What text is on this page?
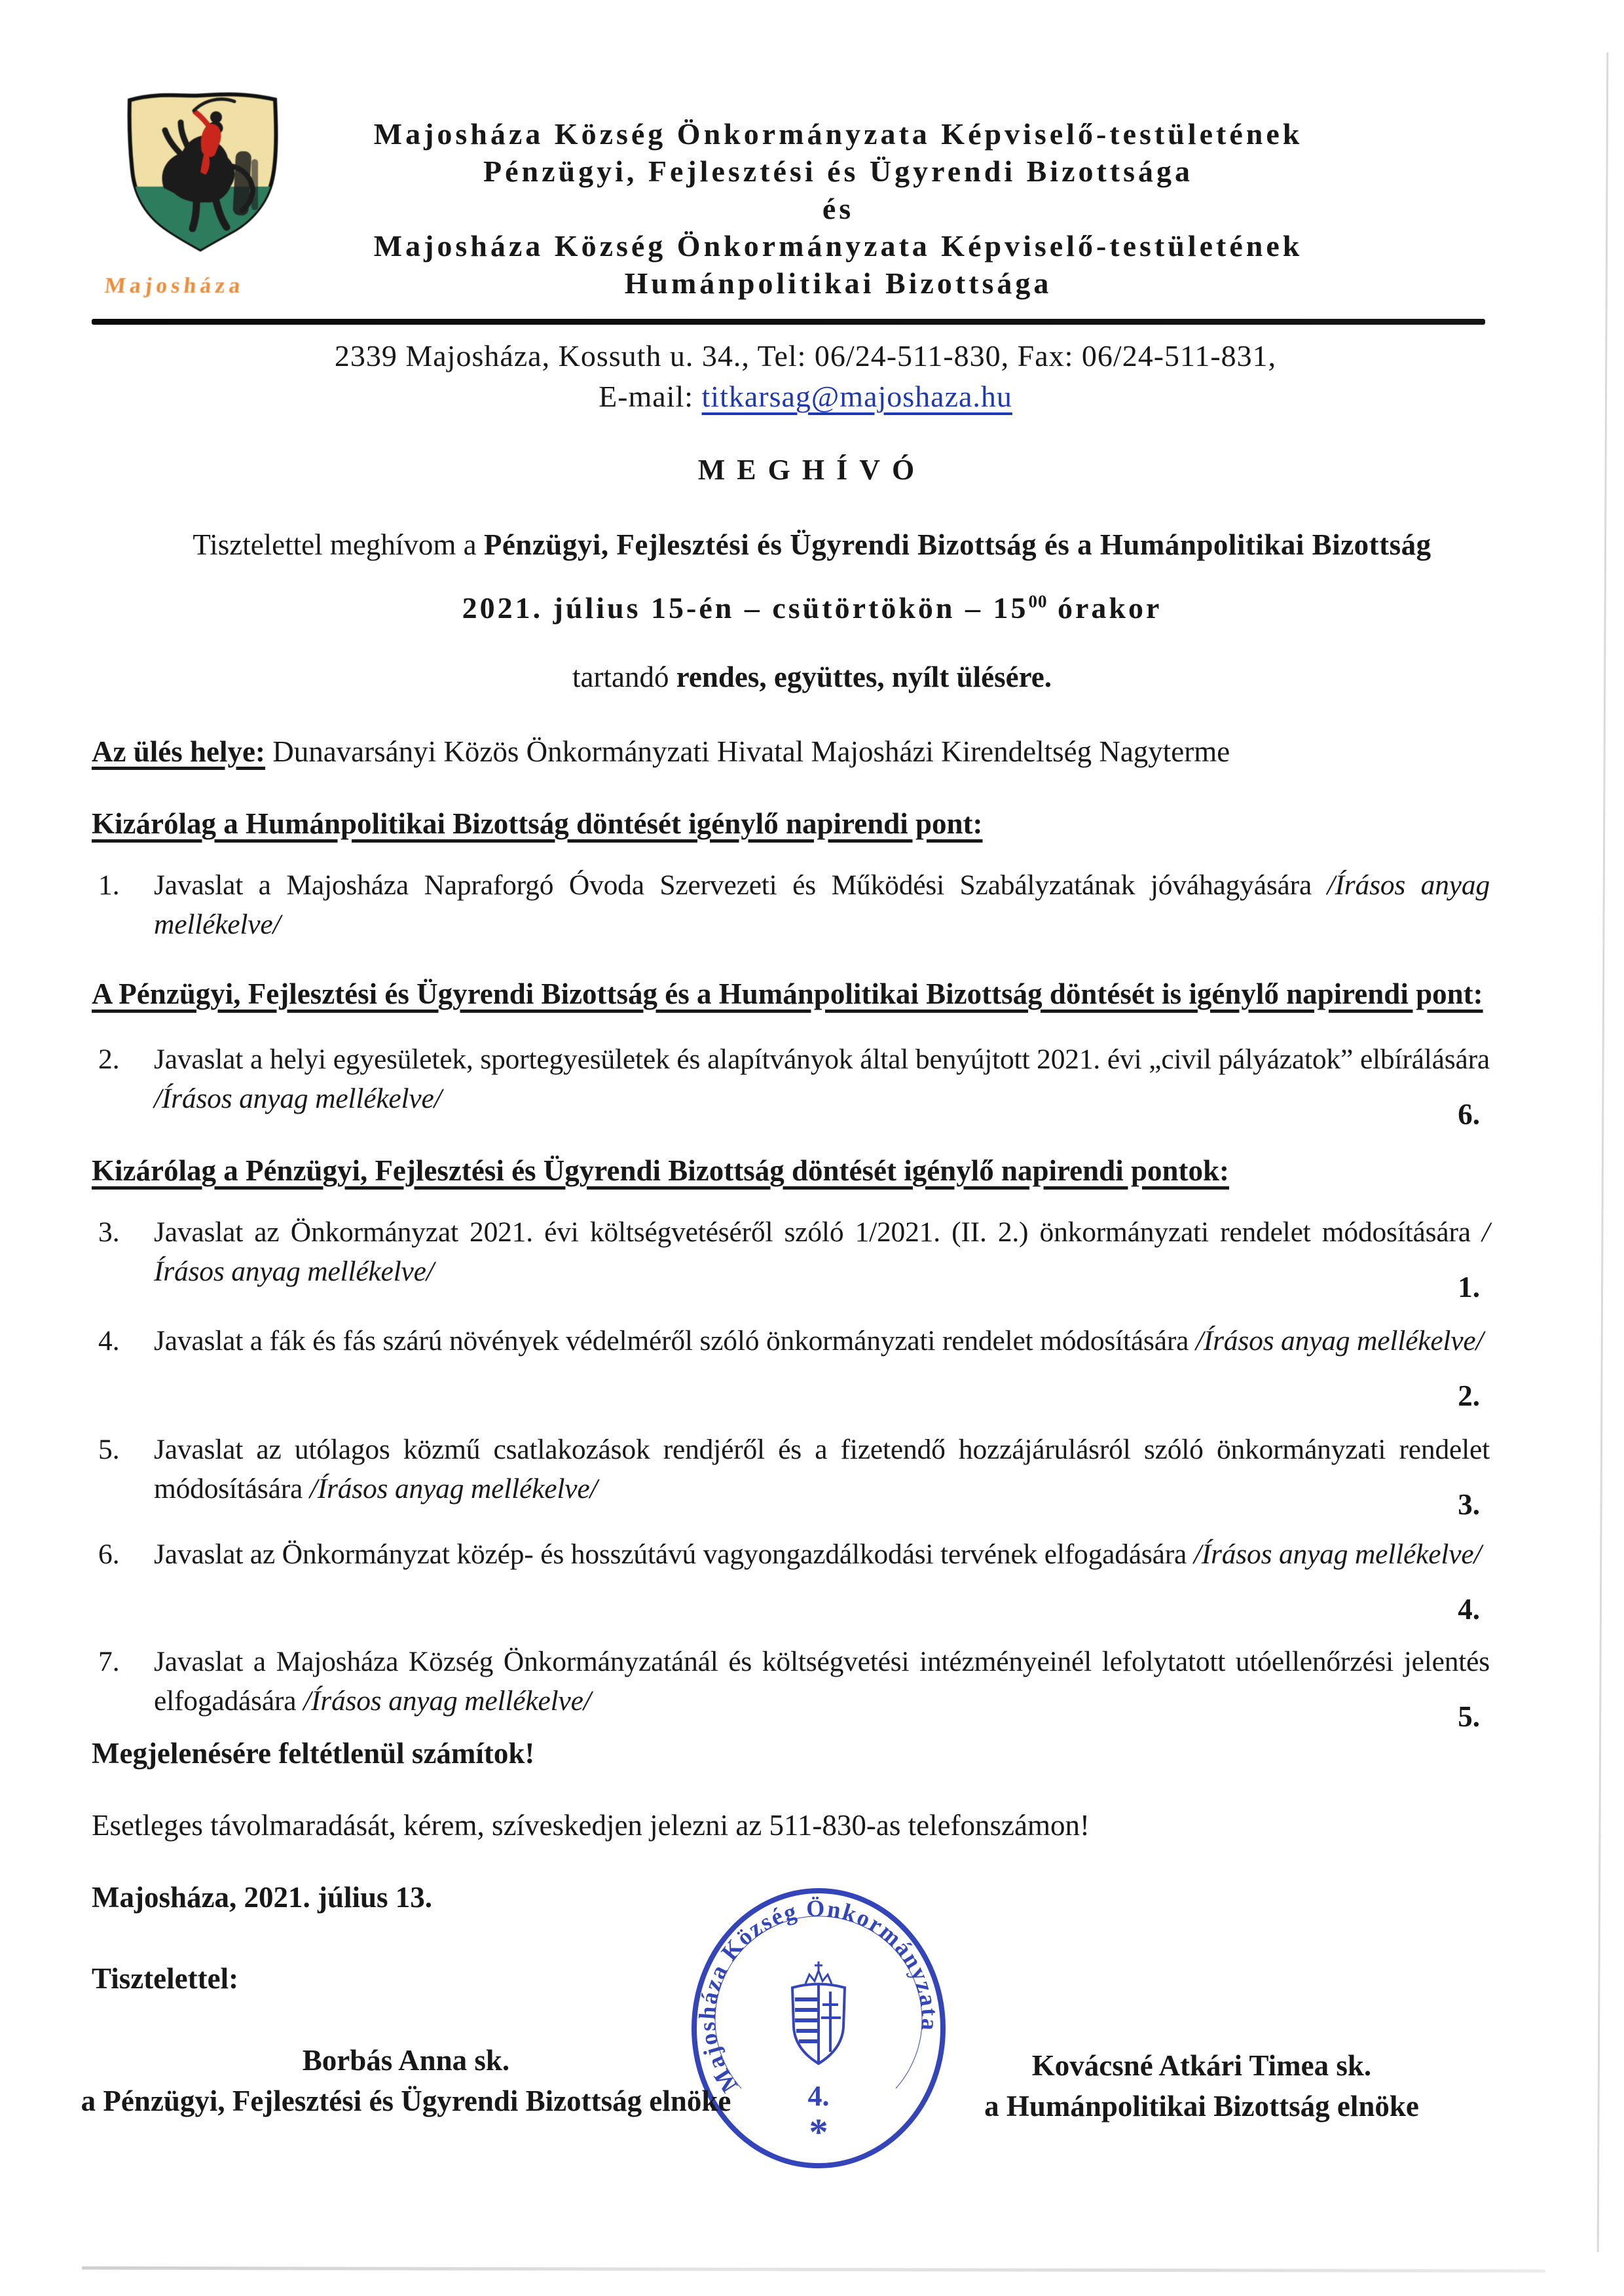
Majosháza
Majosháza Község Önkormányzata Képviselő-testületének
Pénzügyi, Fejlesztési és Ügyrendi Bizottsága
és
Majosháza Község Önkormányzata Képviselő-testületének
Humánpolitikai Bizottsága
2339 Majosháza, Kossuth u. 34., Tel: 06/24-511-830, Fax: 06/24-511-831,
E-mail: titkarsag@majoshaza.hu
MEGHÍVÓ
Tisztelettel meghívom a Pénzügyi, Fejlesztési és Ügyrendi Bizottság és a Humánpolitikai Bizottság
2021. július 15-én – csütörtökön – $15^{00}$ órakor
tartandó rendes, együttes, nyílt ülésére.
Az ülés helye: Dunavarsányi Közös Önkormányzati Hivatal Majosházi Kirendeltség Nagyterme
Kizárólag a Humánpolitikai Bizottság döntését igénylő napirendi pont:
1. Javaslat a Majosháza Napraforgó Óvoda Szervezeti és Működési Szabályzatának jóváhagyására /Írásos anyag mellékelve/
A Pénzügyi, Fejlesztési és Ügyrendi Bizottság és a Humánpolitikai Bizottság döntését is igénylő napirendi pont:
2. Javaslat a helyi egyesületek, sportegyesületek és alapítványok által benyújtott 2021. évi „civil pályázatok” elbírálására /Írásos anyag mellékelve/	6.
Kizárólag a Pénzügyi, Fejlesztési és Ügyrendi Bizottság döntését igénylő napirendi pontok:
3. Javaslat az Önkormányzat 2021. évi költségvetéséről szóló 1/2021. (II. 2.) önkormányzati rendelet módosítására /Írásos anyag mellékelve/	1.
4. Javaslat a fák és fás szárú növények védelméről szóló önkormányzati rendelet módosítására /Írásos anyag mellékelve/
2.
5. Javaslat az utólagos közmű csatlakozások rendjéről és a fizetendő hozzájárulásról szóló önkormányzati rendelet módosítására /Írásos anyag mellékelve/	3.
6. Javaslat az Önkormányzat közép- és hosszútávú vagyongazdálkodási tervének elfogadására /Írásos anyag mellékelve/
4.
7. Javaslat a Majosháza Község Önkormányzatánál és költségvetési intézményeinél lefolytatott utóellenőrzési jelentés elfogadására /Írásos anyag mellékelve/	5.
Megjelenésére feltétlenül számítok!
Esetleges távolmaradását, kérem, szíveskedjen jelezni az 511-830-as telefonszámon!
Majosháza, 2021. július 13.
Tisztelettel:
Majosháza Község Önkormányzata
4.
*
Borbás Anna sk.
a Pénzügyi, Fejlesztési és Ügyrendi Bizottság elnöke
Kovácsné Atkári Timea sk.
a Humánpolitikai Bizottság elnöke
